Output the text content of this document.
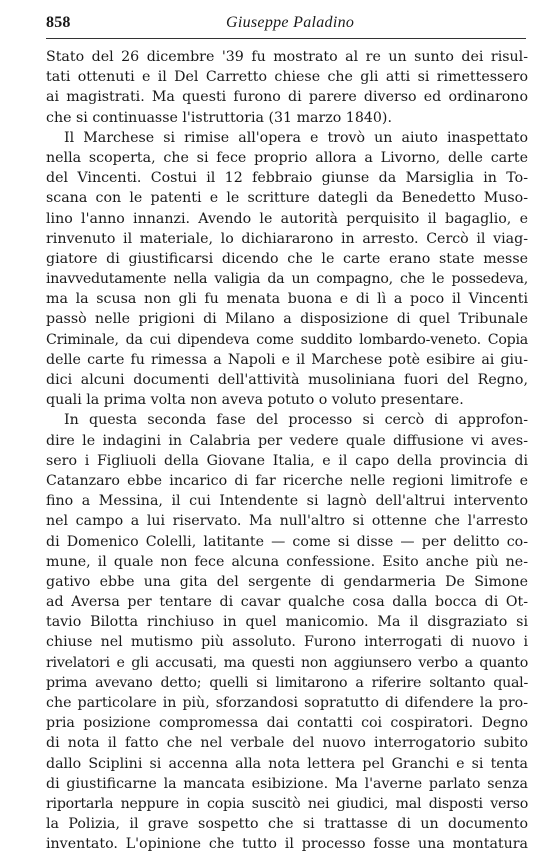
858	Giuseppe Paladino
Stato del 26 dicembre '39 fu mostrato al re un sunto dei risul-
tati ottenuti e il Del Carretto chiese che gli atti si rimettessero
ai magistrati. Ma questi furono di parere diverso ed ordinarono
che si continuasse l'istruttoria (31 marzo 1840).
Il Marchese si rimise all'opera e trovò un aiuto inaspettato
nella scoperta, che si fece proprio allora a Livorno, delle carte
del Vincenti. Costui il 12 febbraio giunse da Marsiglia in To-
scana con le patenti e le scritture dategli da Benedetto Muso-
lino l'anno innanzi. Avendo le autorità perquisito il bagaglio, e
rinvenuto il materiale, lo dichiararono in arresto. Cercò il viag-
giatore di giustificarsi dicendo che le carte erano state messe
inavvedutamente nella valigia da un compagno, che le possedeva,
ma la scusa non gli fu menata buona e di lì a poco il Vincenti
passò nelle prigioni di Milano a disposizione di quel Tribunale
Criminale, da cui dipendeva come suddito lombardo-veneto. Copia
delle carte fu rimessa a Napoli e il Marchese potè esibire ai giu-
dici alcuni documenti dell'attività musoliniana fuori del Regno,
quali la prima volta non aveva potuto o voluto presentare.
In questa seconda fase del processo si cercò di approfon-
dire le indagini in Calabria per vedere quale diffusione vi aves-
sero i Figliuoli della Giovane Italia, e il capo della provincia di
Catanzaro ebbe incarico di far ricerche nelle regioni limitrofe e
fino a Messina, il cui Intendente si lagnò dell'altrui intervento
nel campo a lui riservato. Ma null'altro si ottenne che l'arresto
di Domenico Colelli, latitante — come si disse — per delitto co-
mune, il quale non fece alcuna confessione. Esito anche più ne-
gativo ebbe una gita del sergente di gendarmeria De Simone
ad Aversa per tentare di cavar qualche cosa dalla bocca di Ot-
tavio Bilotta rinchiuso in quel manicomio. Ma il disgraziato si
chiuse nel mutismo più assoluto. Furono interrogati di nuovo i
rivelatori e gli accusati, ma questi non aggiunsero verbo a quanto
prima avevano detto; quelli si limitarono a riferire soltanto qual-
che particolare in più, sforzandosi sopratutto di difendere la pro-
pria posizione compromessa dai contatti coi cospiratori. Degno
di nota il fatto che nel verbale del nuovo interrogatorio subito
dallo Sciplini si accenna alla nota lettera pel Granchi e si tenta
di giustificarne la mancata esibizione. Ma l'averne parlato senza
riportarla neppure in copia suscitò nei giudici, mal disposti verso
la Polizia, il grave sospetto che si trattasse di un documento
inventato. L'opinione che tutto il processo fosse una montatura
